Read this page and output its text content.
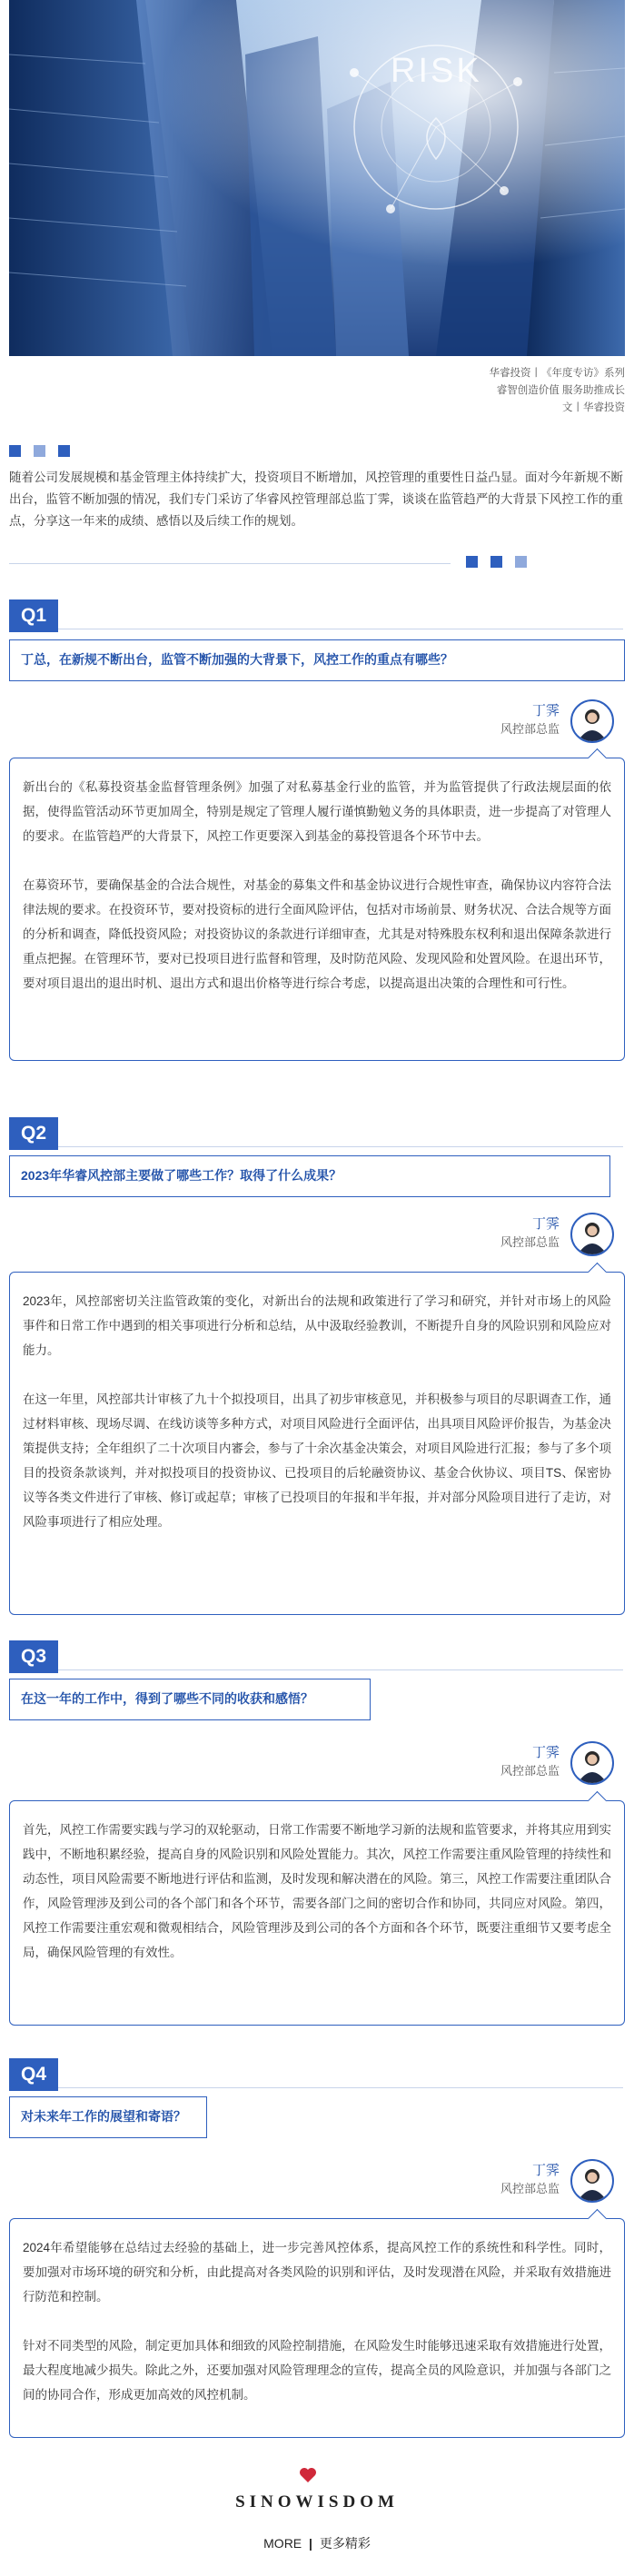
RISK
华睿投资丨《年度专访》系列
睿智创造价值 服务助推成长
文丨华睿投资
随着公司发展规模和基金管理主体持续扩大，投资项目不断增加，风控管理的重要性日益凸显。面对今年新规不断出台，监管不断加强的情况，我们专门采访了华睿风控管理部总监丁霁，谈谈在监管趋严的大背景下风控工作的重点，分享这一年来的成绩、感悟以及后续工作的规划。
Q1
丁总，在新规不断出台，监管不断加强的大背景下，风控工作的重点有哪些？
丁霁
风控部总监

新出台的《私募投资基金监督管理条例》加强了对私募基金行业的监管，并为监管提供了行政法规层面的依据，使得监管活动环节更加周全，特别是规定了管理人履行谨慎勤勉义务的具体职责，进一步提高了对管理人的要求。在监管趋严的大背景下，风控工作更要深入到基金的募投管退各个环节中去。

在募资环节，要确保基金的合法合规性，对基金的募集文件和基金协议进行合规性审查，确保协议内容符合法律法规的要求。在投资环节，要对投资标的进行全面风险评估，包括对市场前景、财务状况、合法合规等方面的分析和调查，降低投资风险；对投资协议的条款进行详细审查，尤其是对特殊股东权利和退出保障条款进行重点把握。在管理环节，要对已投项目进行监督和管理，及时防范风险、发现风险和处置风险。在退出环节，要对项目退出的退出时机、退出方式和退出价格等进行综合考虑，以提高退出决策的合理性和可行性。

Q2
2023年华睿风控部主要做了哪些工作？取得了什么成果？
丁霁
风控部总监

2023年，风控部密切关注监管政策的变化，对新出台的法规和政策进行了学习和研究，并针对市场上的风险事件和日常工作中遇到的相关事项进行分析和总结，从中汲取经验教训，不断提升自身的风险识别和风险应对能力。

在这一年里，风控部共计审核了九十个拟投项目，出具了初步审核意见，并积极参与项目的尽职调查工作，通过材料审核、现场尽调、在线访谈等多种方式，对项目风险进行全面评估，出具项目风险评价报告，为基金决策提供支持；全年组织了二十次项目内審会，参与了十余次基金决策会，对项目风险进行汇报；参与了多个项目的投资条款谈判，并对拟投项目的投资协议、已投项目的后轮融资协议、基金合伙协议、项目TS、保密协议等各类文件进行了审核、修订或起草；审核了已投项目的年报和半年报，并对部分风险项目进行了走访，对风险事项进行了相应处理。

Q3
在这一年的工作中，得到了哪些不同的收获和感悟？
丁霁
风控部总监

首先，风控工作需要实践与学习的双轮驱动，日常工作需要不断地学习新的法规和监管要求，并将其应用到实践中，不断地积累经验，提高自身的风险识别和风险处置能力。其次，风控工作需要注重风险管理的持续性和动态性，项目风险需要不断地进行评估和监测，及时发现和解决潜在的风险。第三，风控工作需要注重团队合作，风险管理涉及到公司的各个部门和各个环节，需要各部门之间的密切合作和协同，共同应对风险。第四，风控工作需要注重宏观和微观相结合，风险管理涉及到公司的各个方面和各个环节，既要注重细节又要考虑全局，确保风险管理的有效性。

Q4
对未来年工作的展望和寄语？
丁霁
风控部总监

2024年希望能够在总结过去经验的基础上，进一步完善风控体系，提高风控工作的系统性和科学性。同时，要加强对市场环境的研究和分析，由此提高对各类风险的识别和评估，及时发现潜在风险，并采取有效措施进行防范和控制。

针对不同类型的风险，制定更加具体和细致的风险控制措施，在风险发生时能够迅速采取有效措施进行处置，最大程度地减少损失。除此之外，还要加强对风险管理理念的宣传，提高全员的风险意识，并加强与各部门之间的协同合作，形成更加高效的风控机制。

SINOWISDOM
MORE | 更多精彩
